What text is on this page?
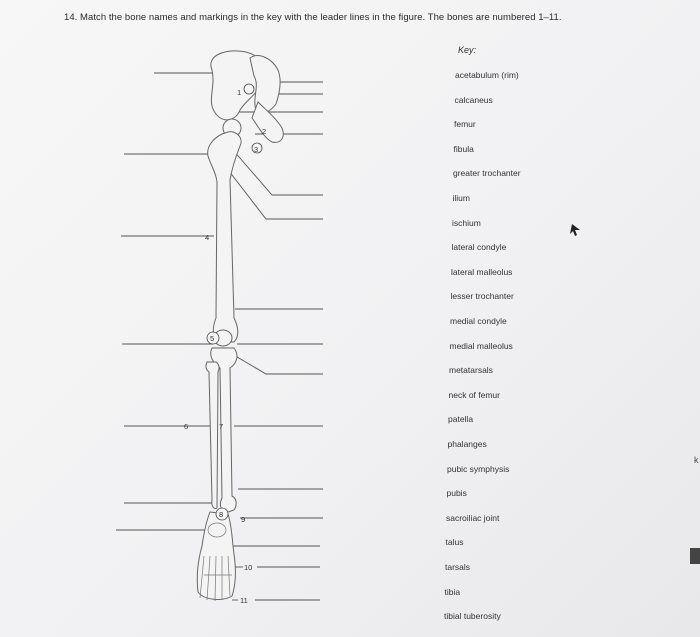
14. Match the bone names and markings in the key with the leader lines in the figure. The bones are numbered 1–11.
1
2
3
4
5
6	7
8
9
10
11
Key:
acetabulum (rim)
calcaneus
femur
fibula
greater trochanter
ilium
ischium
lateral condyle
lateral malleolus
lesser trochanter
medial condyle
medial malleolus
metatarsals
neck of femur
patella
phalanges
pubic symphysis
pubis
sacroiliac joint
talus
tarsals
tibia
tibial tuberosity
k
